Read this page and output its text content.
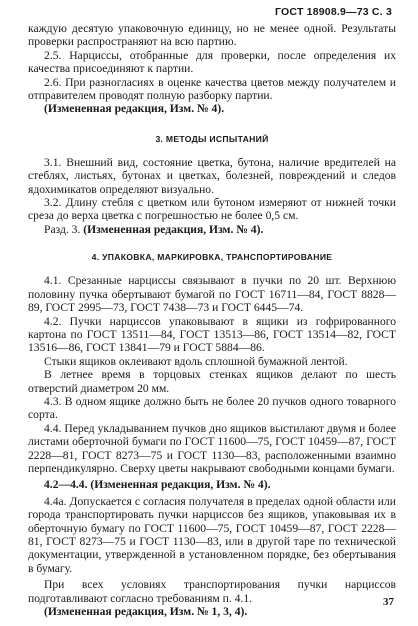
ГОСТ 18908.9—73 С. 3

каждую десятую упаковочную единицу, но не менее одной. Результаты проверки распространяют на всю партию.

2.5. Нарциссы, отобранные для проверки, после определения их качества присоединяют к партии.

2.6. При разногласиях в оценке качества цветов между получателем и отправителем проводят полную разборку партии.

(Измененная редакция, Изм. № 4).

3. МЕТОДЫ ИСПЫТАНИЙ

3.1. Внешний вид, состояние цветка, бутона, наличие вредителей на стеблях, листьях, бутонах и цветках, болезней, повреждений и следов ядохимикатов определяют визуально.

3.2. Длину стебля с цветком или бутоном измеряют от нижней точки среза до верха цветка с погрешностью не более 0,5 см.

Разд. 3. (Измененная редакция, Изм. № 4).

4. УПАКОВКА, МАРКИРОВКА, ТРАНСПОРТИРОВАНИЕ

4.1. Срезанные нарциссы связывают в пучки по 20 шт. Верхнюю половину пучка обертывают бумагой по ГОСТ 16711—84, ГОСТ 8828—89, ГОСТ 2995—73, ГОСТ 7438—73 и ГОСТ 6445—74.

4.2. Пучки нарциссов упаковывают в ящики из гофрированного картона по ГОСТ 13511—84, ГОСТ 13513—86, ГОСТ 13514—82, ГОСТ 13516—86, ГОСТ 13841—79 и ГОСТ 5884—86.

Стыки ящиков оклеивают вдоль сплошной бумажной лентой.

В летнее время в торцовых стенках ящиков делают по шесть отверстий диаметром 20 мм.

4.3. В одном ящике должно быть не более 20 пучков одного товарного сорта.

4.4. Перед укладыванием пучков дно ящиков выстилают двумя и более листами оберточной бумаги по ГОСТ 11600—75, ГОСТ 10459—87, ГОСТ 2228—81, ГОСТ 8273—75 и ГОСТ 1130—83, расположенными взаимно перпендикулярно. Сверху цветы накрывают свободными концами бумаги.

4.2—4.4. (Измененная редакция, Изм. № 4).

4.4а. Допускается с согласия получателя в пределах одной области или города транспортировать пучки нарциссов без ящиков, упаковывая их в оберточную бумагу по ГОСТ 11600—75, ГОСТ 10459—87, ГОСТ 2228—81, ГОСТ 8273—75 и ГОСТ 1130—83, или в другой таре по технической документации, утвержденной в установленном порядке, без обертывания в бумагу.

При всех условиях транспортирования пучки нарциссов подготавливают согласно требованиям п. 4.1.

(Измененная редакция, Изм. № 1, 3, 4).

37
